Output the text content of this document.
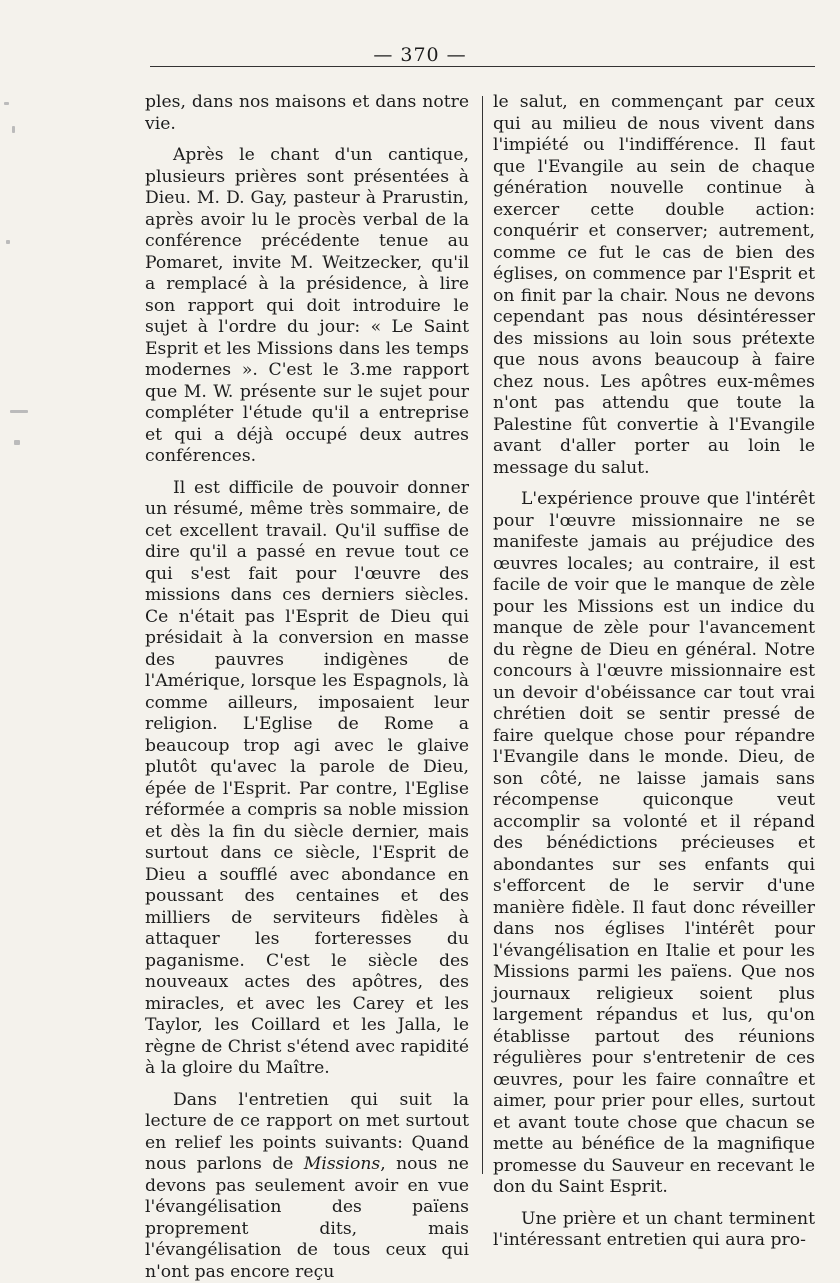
— 370 —

ples, dans nos maisons et dans notre vie.

Après le chant d'un cantique, plusieurs prières sont présentées à Dieu. M. D. Gay, pasteur à Prarustin, après avoir lu le procès verbal de la conférence précédente tenue au Pomaret, invite M. Weitzecker, qu'il a remplacé à la présidence, à lire son rapport qui doit introduire le sujet à l'ordre du jour: « Le Saint Esprit et les Missions dans les temps modernes ». C'est le 3.me rapport que M. W. présente sur le sujet pour compléter l'étude qu'il a entreprise et qui a déjà occupé deux autres conférences.

Il est difficile de pouvoir donner un résumé, même très sommaire, de cet excellent travail. Qu'il suffise de dire qu'il a passé en revue tout ce qui s'est fait pour l'œuvre des missions dans ces derniers siècles. Ce n'était pas l'Esprit de Dieu qui présidait à la conversion en masse des pauvres indigènes de l'Amérique, lorsque les Espagnols, là comme ailleurs, imposaient leur religion. L'Eglise de Rome a beaucoup trop agi avec le glaive plutôt qu'avec la parole de Dieu, épée de l'Esprit. Par contre, l'Eglise réformée a compris sa noble mission et dès la fin du siècle dernier, mais surtout dans ce siècle, l'Esprit de Dieu a soufflé avec abondance en poussant des centaines et des milliers de serviteurs fidèles à attaquer les forteresses du paganisme. C'est le siècle des nouveaux actes des apôtres, des miracles, et avec les Carey et les Taylor, les Coillard et les Jalla, le règne de Christ s'étend avec rapidité à la gloire du Maître.

Dans l'entretien qui suit la lecture de ce rapport on met surtout en relief les points suivants: Quand nous parlons de Missions, nous ne devons pas seulement avoir en vue l'évangélisation des païens proprement dits, mais l'évangélisation de tous ceux qui n'ont pas encore reçu

le salut, en commençant par ceux qui au milieu de nous vivent dans l'impiété ou l'indifférence. Il faut que l'Evangile au sein de chaque génération nouvelle continue à exercer cette double action: conquérir et conserver; autrement, comme ce fut le cas de bien des églises, on commence par l'Esprit et on finit par la chair. Nous ne devons cependant pas nous désintéresser des missions au loin sous prétexte que nous avons beaucoup à faire chez nous. Les apôtres eux-mêmes n'ont pas attendu que toute la Palestine fût convertie à l'Evangile avant d'aller porter au loin le message du salut.

L'expérience prouve que l'intérêt pour l'œuvre missionnaire ne se manifeste jamais au préjudice des œuvres locales; au contraire, il est facile de voir que le manque de zèle pour les Missions est un indice du manque de zèle pour l'avancement du règne de Dieu en général. Notre concours à l'œuvre missionnaire est un devoir d'obéissance car tout vrai chrétien doit se sentir pressé de faire quelque chose pour répandre l'Evangile dans le monde. Dieu, de son côté, ne laisse jamais sans récompense quiconque veut accomplir sa volonté et il répand des bénédictions précieuses et abondantes sur ses enfants qui s'efforcent de le servir d'une manière fidèle. Il faut donc réveiller dans nos églises l'intérêt pour l'évangélisation en Italie et pour les Missions parmi les païens. Que nos journaux religieux soient plus largement répandus et lus, qu'on établisse partout des réunions régulières pour s'entretenir de ces œuvres, pour les faire connaître et aimer, pour prier pour elles, surtout et avant toute chose que chacun se mette au bénéfice de la magnifique promesse du Sauveur en recevant le don du Saint Esprit.

Une prière et un chant terminent l'intéressant entretien qui aura pro-
